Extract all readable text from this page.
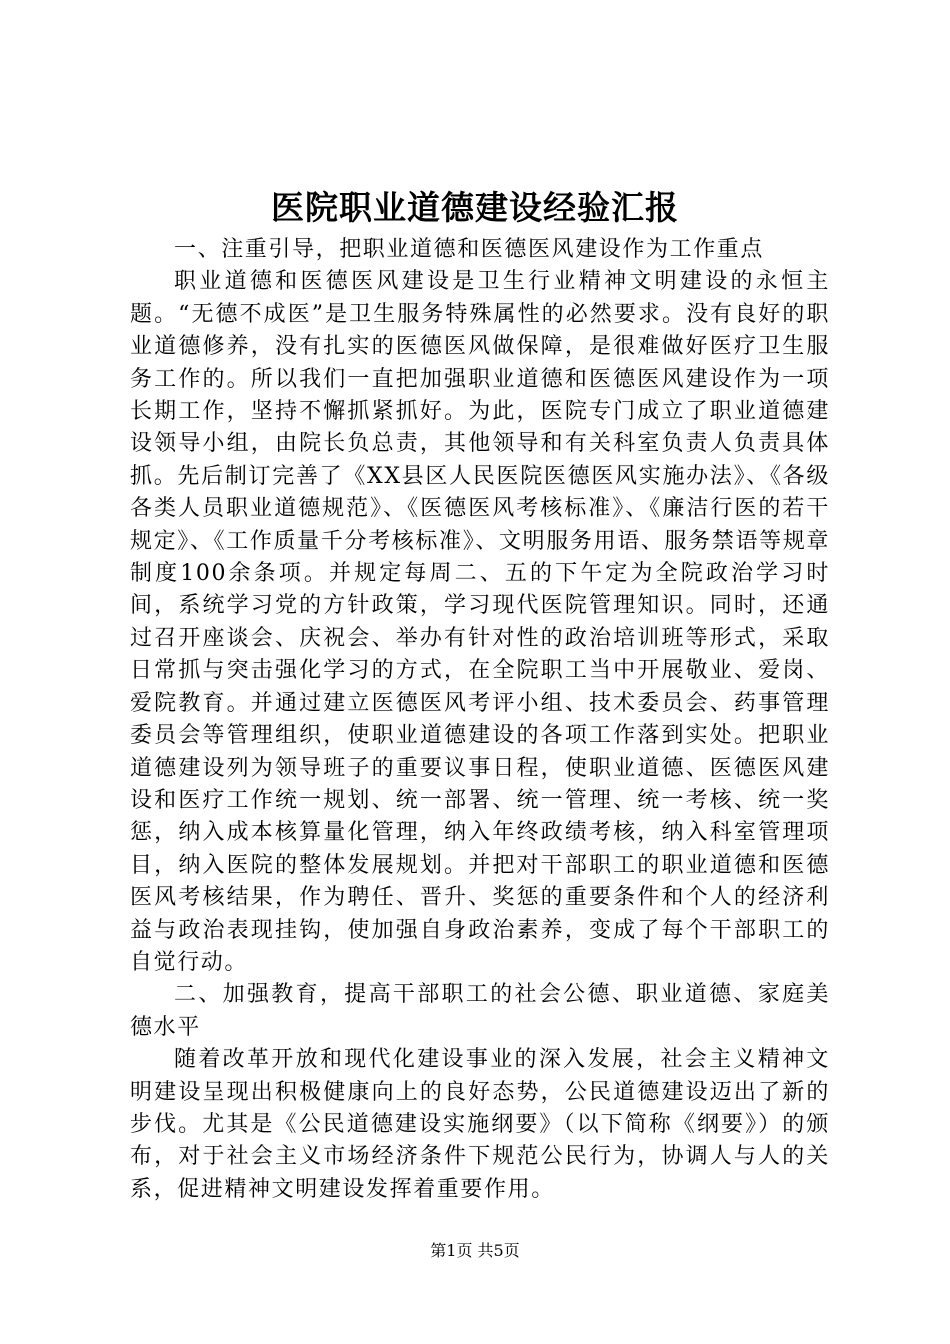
医院职业道德建设经验汇报

一、注重引导，把职业道德和医德医风建设作为工作重点

职业道德和医德医风建设是卫生行业精神文明建设的永恒主题。“无德不成医”是卫生服务特殊属性的必然要求。没有良好的职业道德修养，没有扎实的医德医风做保障，是很难做好医疗卫生服务工作的。所以我们一直把加强职业道德和医德医风建设作为一项长期工作，坚持不懈抓紧抓好。为此，医院专门成立了职业道德建设领导小组，由院长负总责，其他领导和有关科室负责人负责具体抓。先后制订完善了《XX县区人民医院医德医风实施办法》、《各级各类人员职业道德规范》、《医德医风考核标准》、《廉洁行医的若干规定》、《工作质量千分考核标准》、文明服务用语、服务禁语等规章制度100余条项。并规定每周二、五的下午定为全院政治学习时间，系统学习党的方针政策，学习现代医院管理知识。同时，还通过召开座谈会、庆祝会、举办有针对性的政治培训班等形式，采取日常抓与突击强化学习的方式，在全院职工当中开展敬业、爱岗、爱院教育。并通过建立医德医风考评小组、技术委员会、药事管理委员会等管理组织，使职业道德建设的各项工作落到实处。把职业道德建设列为领导班子的重要议事日程，使职业道德、医德医风建设和医疗工作统一规划、统一部署、统一管理、统一考核、统一奖惩，纳入成本核算量化管理，纳入年终政绩考核，纳入科室管理项目，纳入医院的整体发展规划。并把对干部职工的职业道德和医德医风考核结果，作为聘任、晋升、奖惩的重要条件和个人的经济利益与政治表现挂钩，使加强自身政治素养，变成了每个干部职工的自觉行动。

二、加强教育，提高干部职工的社会公德、职业道德、家庭美德水平

随着改革开放和现代化建设事业的深入发展，社会主义精神文明建设呈现出积极健康向上的良好态势，公民道德建设迈出了新的步伐。尤其是《公民道德建设实施纲要》（以下简称《纲要》）的颁布，对于社会主义市场经济条件下规范公民行为，协调人与人的关系，促进精神文明建设发挥着重要作用。

第1页 共5页
